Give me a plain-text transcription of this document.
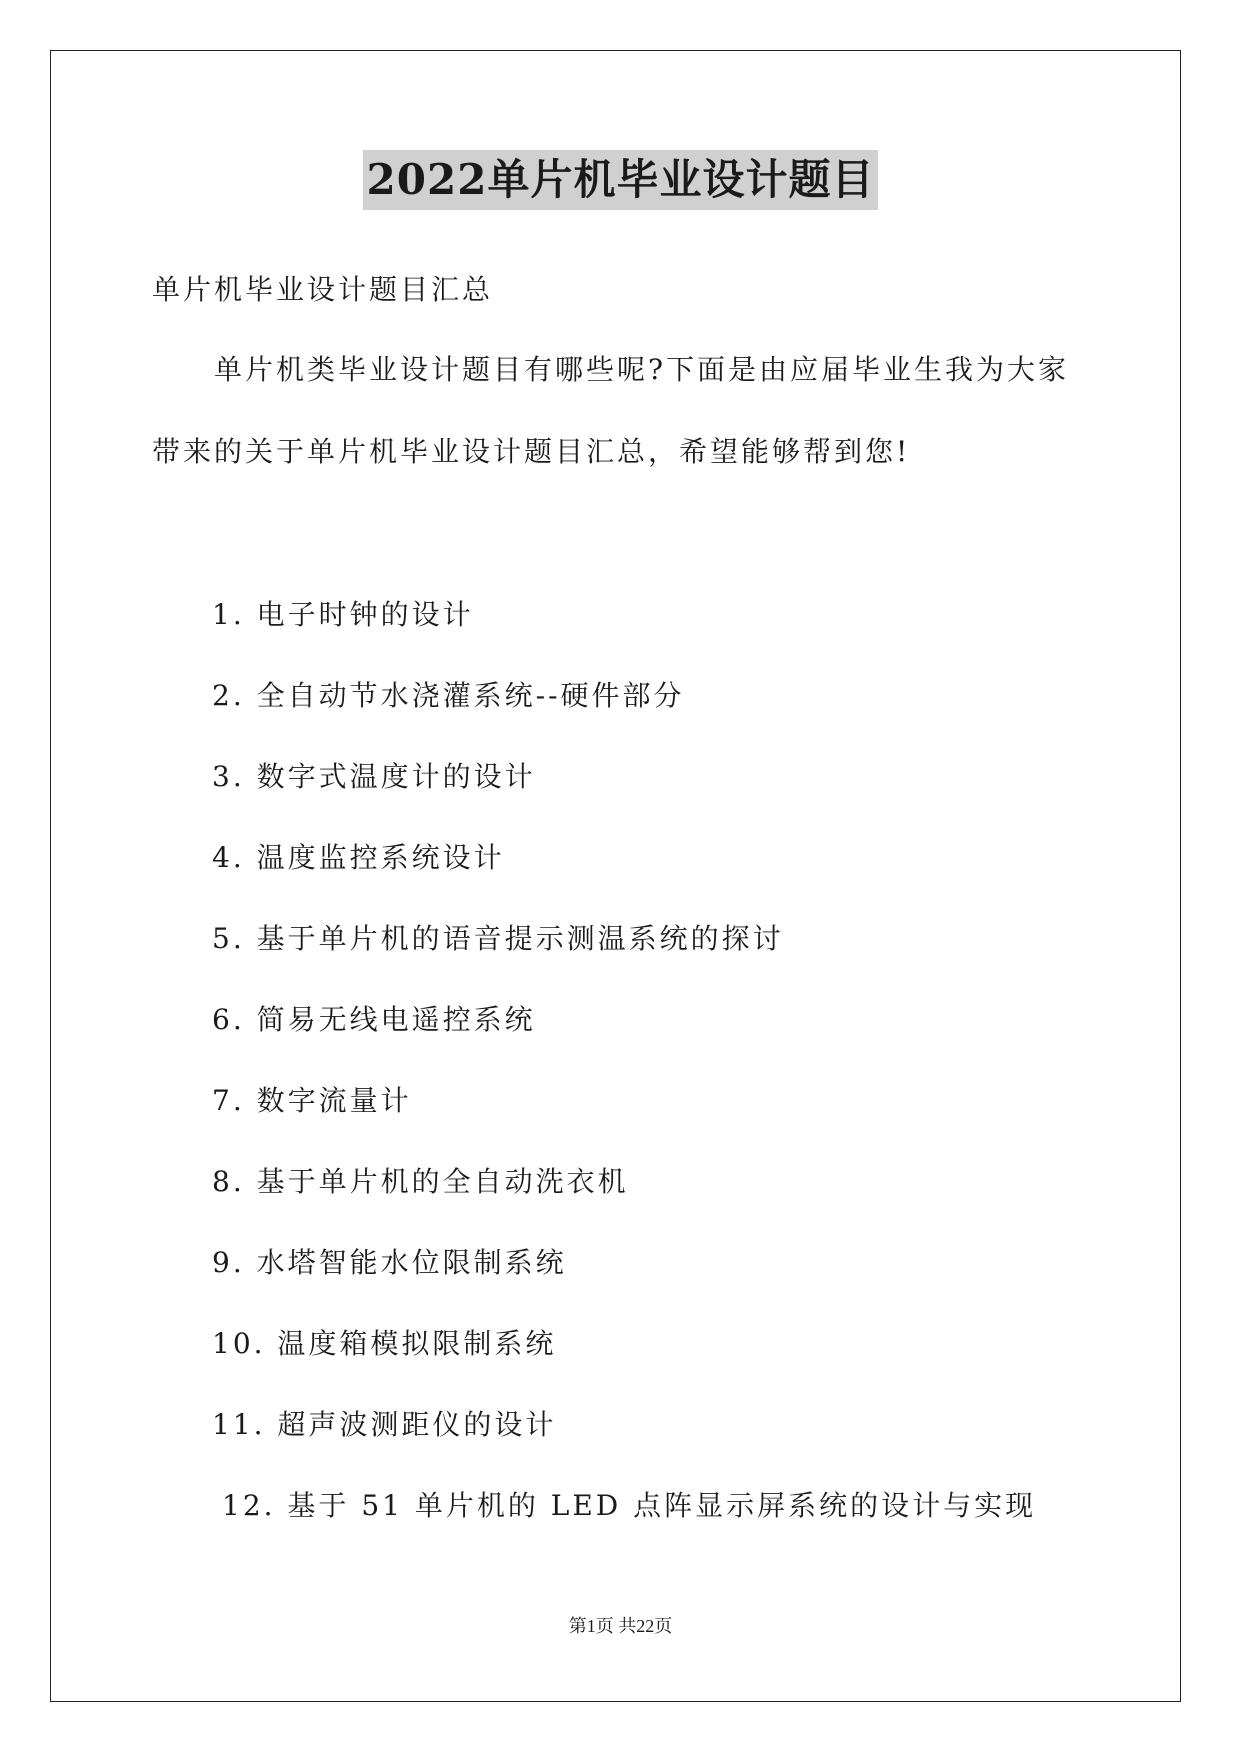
2022单片机毕业设计题目
单片机毕业设计题目汇总
单片机类毕业设计题目有哪些呢?下面是由应届毕业生我为大家
带来的关于单片机毕业设计题目汇总，希望能够帮到您!
1. 电子时钟的设计
2. 全自动节水浇灌系统--硬件部分
3. 数字式温度计的设计
4. 温度监控系统设计
5. 基于单片机的语音提示测温系统的探讨
6. 简易无线电遥控系统
7. 数字流量计
8. 基于单片机的全自动洗衣机
9. 水塔智能水位限制系统
10. 温度箱模拟限制系统
11. 超声波测距仪的设计
12. 基于 51 单片机的 LED 点阵显示屏系统的设计与实现
第1页 共22页
